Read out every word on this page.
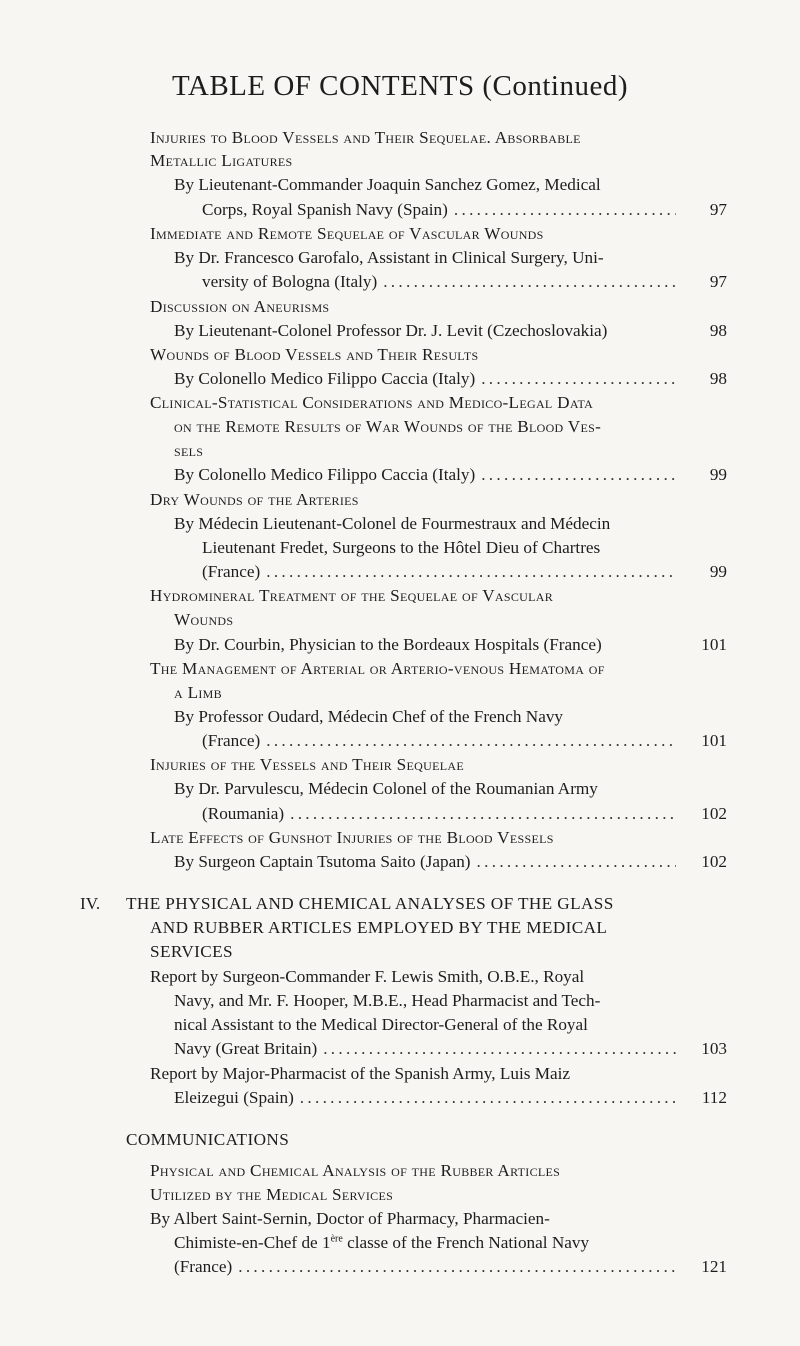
TABLE OF CONTENTS (Continued)
Injuries to Blood Vessels and Their Sequelae. Absorbable
Metallic Ligatures
By Lieutenant-Commander Joaquin Sanchez Gomez, Medical
Corps, Royal Spanish Navy (Spain) . . .	97
Immediate and Remote Sequelae of Vascular Wounds
By Dr. Francesco Garofalo, Assistant in Clinical Surgery, Uni-
versity of Bologna (Italy) . . .	97
Discussion on Aneurisms
By Lieutenant-Colonel Professor Dr. J. Levit (Czechoslovakia)	98
Wounds of Blood Vessels and Their Results
By Colonello Medico Filippo Caccia (Italy) . . .	98
Clinical-Statistical Considerations and Medico-Legal Data
on the Remote Results of War Wounds of the Blood Ves-
sels
By Colonello Medico Filippo Caccia (Italy) . . .	99
Dry Wounds of the Arteries
By Médecin Lieutenant-Colonel de Fourmestraux and Médecin
Lieutenant Fredet, Surgeons to the Hôtel Dieu of Chartres
(France) . . .	99
Hydromineral Treatment of the Sequelae of Vascular
Wounds
By Dr. Courbin, Physician to the Bordeaux Hospitals (France)	101
The Management of Arterial or Arterio-venous Hematoma of
a Limb
By Professor Oudard, Médecin Chef of the French Navy
(France) . . .	101
Injuries of the Vessels and Their Sequelae
By Dr. Parvulescu, Médecin Colonel of the Roumanian Army
(Roumania) . . .	102
Late Effects of Gunshot Injuries of the Blood Vessels
By Surgeon Captain Tsutoma Saito (Japan) . . .	102
IV. THE PHYSICAL AND CHEMICAL ANALYSES OF THE GLASS
AND RUBBER ARTICLES EMPLOYED BY THE MEDICAL
SERVICES
Report by Surgeon-Commander F. Lewis Smith, O.B.E., Royal
Navy, and Mr. F. Hooper, M.B.E., Head Pharmacist and Tech-
nical Assistant to the Medical Director-General of the Royal
Navy (Great Britain) . . .	103
Report by Major-Pharmacist of the Spanish Army, Luis Maiz
Eleizegui (Spain) . . .	112
COMMUNICATIONS
Physical and Chemical Analysis of the Rubber Articles
Utilized by the Medical Services
By Albert Saint-Sernin, Doctor of Pharmacy, Pharmacien-
Chimiste-en-Chef de 1ère classe of the French National Navy
(France) . . .	121
